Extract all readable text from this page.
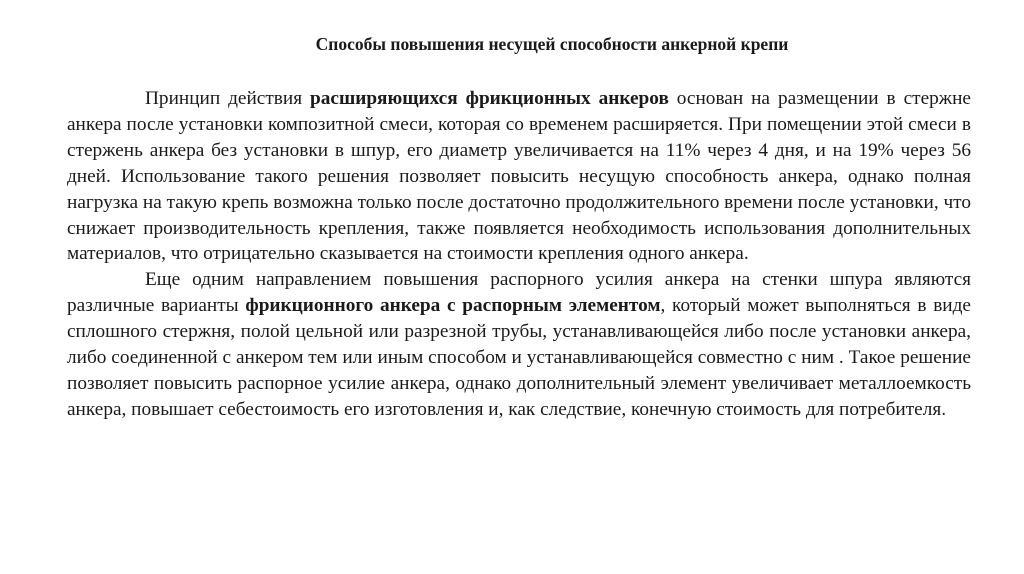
Способы повышения несущей способности анкерной крепи

Принцип действия расширяющихся фрикционных анкеров основан на размещении в стержне анкера после установки композитной смеси, которая со временем расширяется. При помещении этой смеси в стержень анкера без установки в шпур, его диаметр увеличивается на 11% через 4 дня, и на 19% через 56 дней. Использование такого решения позволяет повысить несущую способность анкера, однако полная нагрузка на такую крепь возможна только после достаточно продолжительного времени после установки, что снижает производительность крепления, также появляется необходимость использования дополнительных материалов, что отрицательно сказывается на стоимости крепления одного анкера.

Еще одним направлением повышения распорного усилия анкера на стенки шпура являются различные варианты фрикционного анкера с распорным элементом, который может выполняться в виде сплошного стержня, полой цельной или разрезной трубы, устанавливающейся либо после установки анкера, либо соединенной с анкером тем или иным способом и устанавливающейся совместно с ним . Такое решение позволяет повысить распорное усилие анкера, однако дополнительный элемент увеличивает металлоемкость анкера, повышает себестоимость его изготовления и, как следствие, конечную стоимость для потребителя.
